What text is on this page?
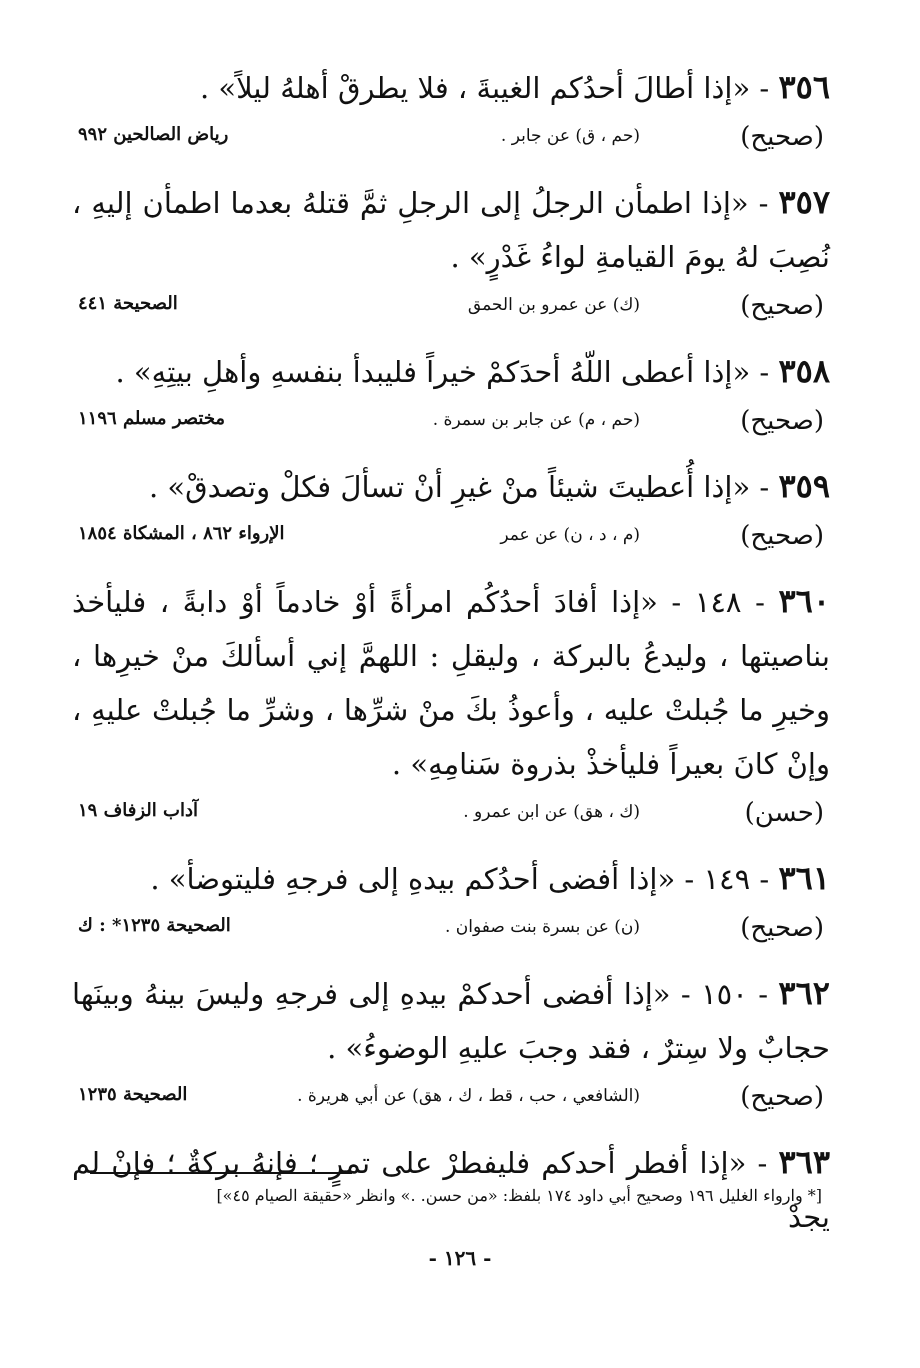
٣٥٦ - «إذا أطالَ أحدُكم الغيبةَ ، فلا يطرقْ أهلهُ ليلاً» .
(صحيح)
(حم ، ق) عن جابر .
رياض الصالحين ٩٩٢
٣٥٧ - «إذا اطمأن الرجلُ إلى الرجلِ ثمَّ قتلهُ بعدما اطمأن إليهِ ، نُصِبَ لهُ يومَ القيامةِ لواءُ غَدْرٍ» .
(صحيح)
(ك) عن عمرو بن الحمق
الصحيحة ٤٤١
٣٥٨ - «إذا أعطى اللّهُ أحدَكمْ خيراً فليبدأ بنفسهِ وأهلِ بيتِهِ» .
(صحيح)
(حم ، م) عن جابر بن سمرة .
مختصر مسلم ١١٩٦
٣٥٩ - «إذا أُعطيتَ شيئاً منْ غيرِ أنْ تسألَ فكلْ وتصدقْ» .
(صحيح)
(م ، د ، ن) عن عمر
الإرواء ٨٦٢ ، المشكاة ١٨٥٤
٣٦٠ - ١٤٨ - «إذا أفادَ أحدُكُم امرأةً أوْ خادماً أوْ دابةً ، فليأخذ بناصيتها ، وليدعُ بالبركة ، وليقلِ : اللهمَّ إني أسألكَ منْ خيرِها ، وخيرِ ما جُبلتْ عليه ، وأعوذُ بكَ منْ شرِّها ، وشرِّ ما جُبلتْ عليهِ ، وإنْ كانَ بعيراً فليأخذْ بذروة سَنامِهِ» .
(حسن)
(ك ، هق) عن ابن عمرو .
آداب الزفاف ١٩
٣٦١ - ١٤٩ - «إذا أفضى أحدُكم بيدهِ إلى فرجهِ فليتوضأ» .
(صحيح)
(ن) عن بسرة بنت صفوان .
الصحيحة ١٢٣٥* : ك
٣٦٢ - ١٥٠ - «إذا أفضى أحدكمْ بيدهِ إلى فرجهِ وليسَ بينهُ وبينَها حجابٌ ولا سِترٌ ، فقد وجبَ عليهِ الوضوءُ» .
(صحيح)
(الشافعي ، حب ، قط ، ك ، هق) عن أبي هريرة .
الصحيحة ١٢٣٥
٣٦٣ - «إذا أفطر أحدكم فليفطرْ على تمرٍ ؛ فإنهُ بركةٌ ؛ فإنْ لم يجدْ
[* وارواء الغليل ١٩٦ وصحيح أبي داود ١٧٤ بلفظ: «من حسن. .» وانظر «حقيقة الصيام ٤٥»]
- ١٢٦ -
